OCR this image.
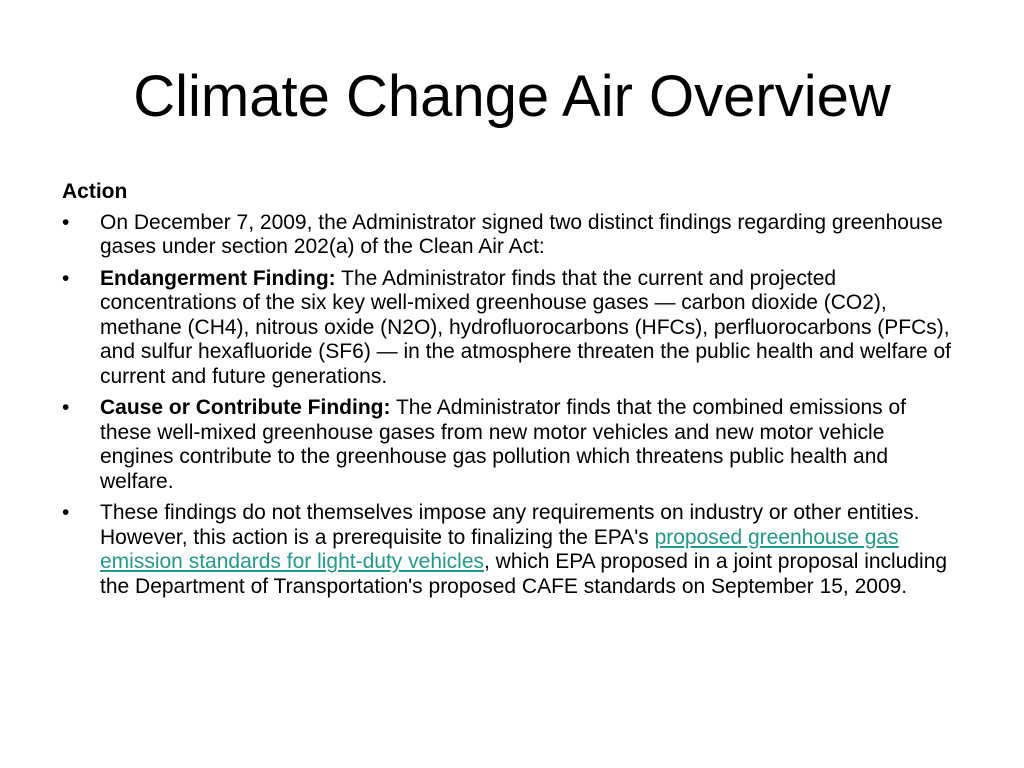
Climate Change Air Overview
Action
• On December 7, 2009, the Administrator signed two distinct findings regarding greenhouse gases under section 202(a) of the Clean Air Act:
• Endangerment Finding: The Administrator finds that the current and projected concentrations of the six key well-mixed greenhouse gases — carbon dioxide (CO2), methane (CH4), nitrous oxide (N2O), hydrofluorocarbons (HFCs), perfluorocarbons (PFCs), and sulfur hexafluoride (SF6) — in the atmosphere threaten the public health and welfare of current and future generations.
• Cause or Contribute Finding: The Administrator finds that the combined emissions of these well-mixed greenhouse gases from new motor vehicles and new motor vehicle engines contribute to the greenhouse gas pollution which threatens public health and welfare.
• These findings do not themselves impose any requirements on industry or other entities. However, this action is a prerequisite to finalizing the EPA's proposed greenhouse gas emission standards for light-duty vehicles, which EPA proposed in a joint proposal including the Department of Transportation's proposed CAFE standards on September 15, 2009.
